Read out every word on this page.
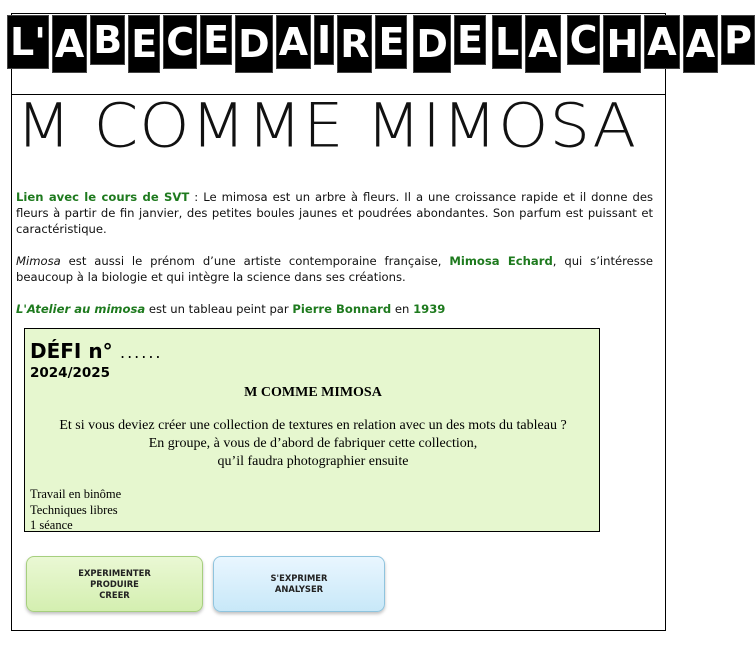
L' A B E C E D A I R E D E L A C H A A P
M COMME MIMOSA

Lien avec le cours de SVT : Le mimosa est un arbre à fleurs. Il a une croissance rapide et il donne des fleurs à partir de fin janvier, des petites boules jaunes et poudrées abondantes. Son parfum est puissant et caractéristique.

Mimosa est aussi le prénom d’une artiste contemporaine française, Mimosa Echard, qui s’intéresse beaucoup à la biologie et qui intègre la science dans ses créations.

L'Atelier au mimosa est un tableau peint par Pierre Bonnard en 1939

DÉFI n° ......
2024/2025
M COMME MIMOSA
Et si vous deviez créer une collection de textures en relation avec un des mots du tableau ?
En groupe, à vous de d’abord de fabriquer cette collection,
qu’il faudra photographier ensuite
Travail en binôme
Techniques libres
1 séance
EXPERIMENTER
PRODUIRE
CREER
S'EXPRIMER
ANALYSER
